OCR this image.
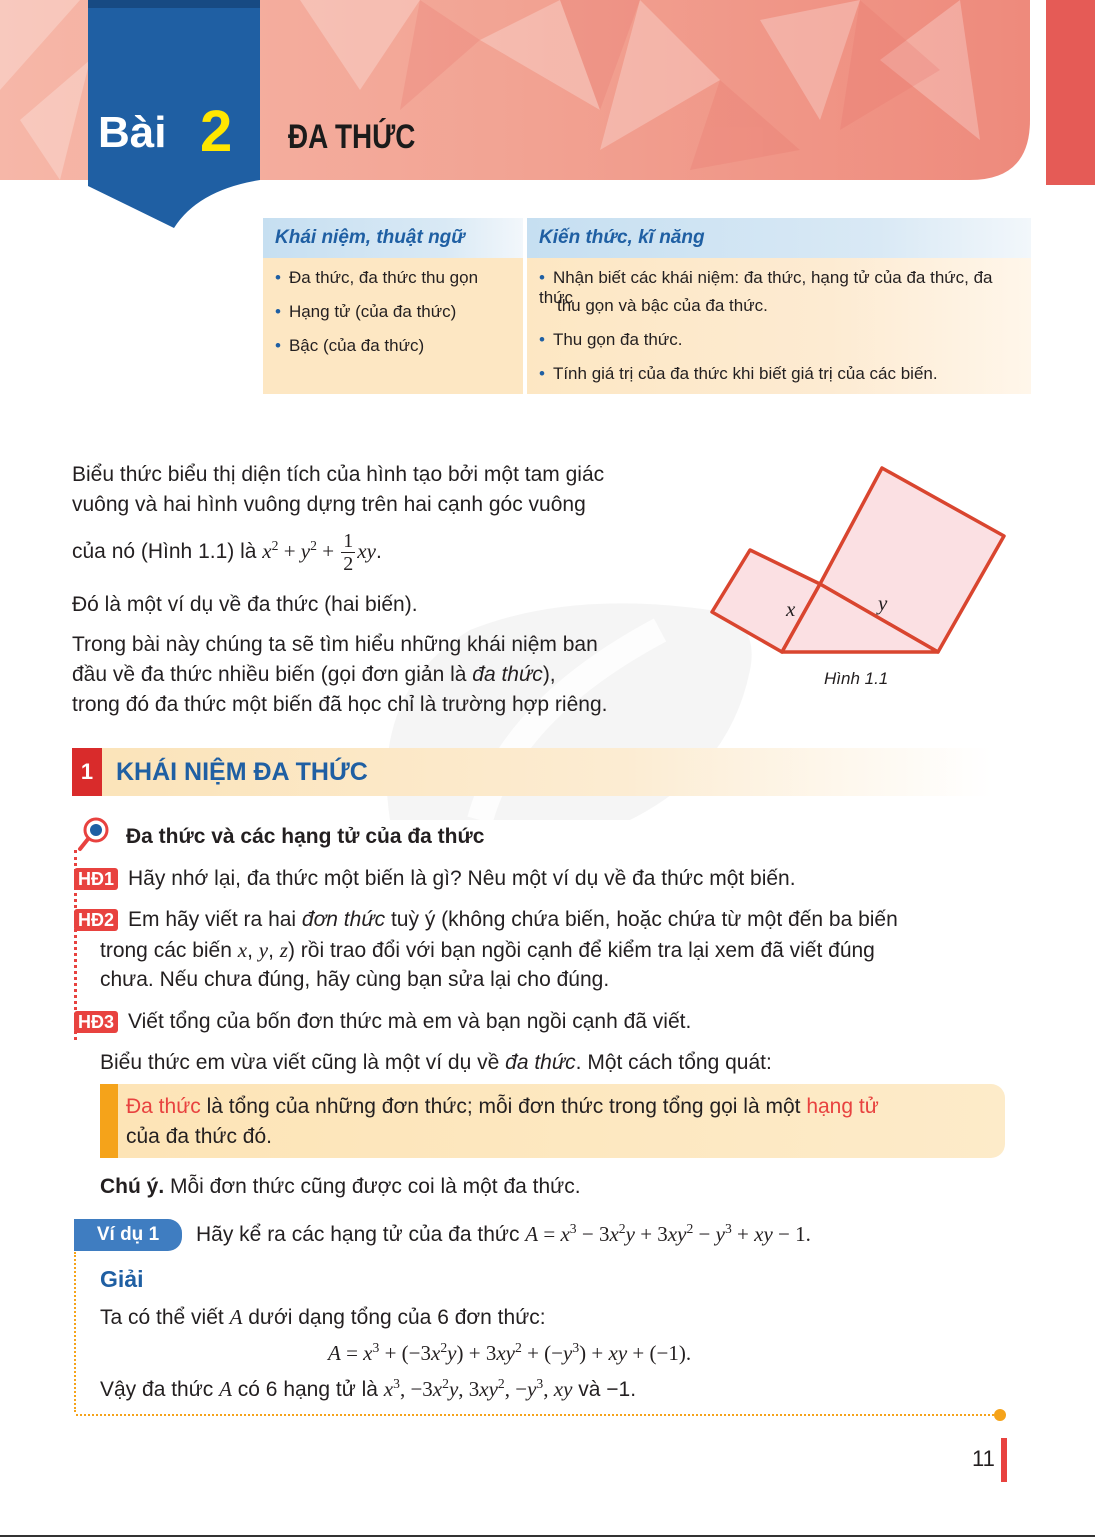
Bài 2 ĐA THỨC
Khái niệm, thuật ngữ	Kiến thức, kĩ năng
• Đa thức, đa thức thu gọn
• Hạng tử (của đa thức)
• Bậc (của đa thức)
• Nhận biết các khái niệm: đa thức, hạng tử của đa thức, đa thức
thu gọn và bậc của đa thức.
• Thu gọn đa thức.
• Tính giá trị của đa thức khi biết giá trị của các biến.
Biểu thức biểu thị diện tích của hình tạo bởi một tam giác
vuông và hai hình vuông dựng trên hai cạnh góc vuông
của nó (Hình 1.1) là $x^2 + y^2 + \frac{1}{2}$ xy.
Đó là một ví dụ về đa thức (hai biến).
Trong bài này chúng ta sẽ tìm hiểu những khái niệm ban
đầu về đa thức nhiều biến (gọi đơn giản là đa thức),
trong đó đa thức một biến đã học chỉ là trường hợp riêng.
x	y
Hình 1.1
1 KHÁI NIỆM ĐA THỨC
Đa thức và các hạng tử của đa thức
HĐ1 Hãy nhớ lại, đa thức một biến là gì? Nêu một ví dụ về đa thức một biến.
HĐ2 Em hãy viết ra hai đơn thức tuỳ ý (không chứa biến, hoặc chứa từ một đến ba biến
trong các biến x, y, z) rồi trao đổi với bạn ngồi cạnh để kiểm tra lại xem đã viết đúng
chưa. Nếu chưa đúng, hãy cùng bạn sửa lại cho đúng.
HĐ3 Viết tổng của bốn đơn thức mà em và bạn ngồi cạnh đã viết.
Biểu thức em vừa viết cũng là một ví dụ về đa thức. Một cách tổng quát:
Đa thức là tổng của những đơn thức; mỗi đơn thức trong tổng gọi là một hạng tử
của đa thức đó.
Chú ý. Mỗi đơn thức cũng được coi là một đa thức.
Ví dụ 1	Hãy kể ra các hạng tử của đa thức $A = x^3 - 3x^2y + 3xy^2 - y^3$ + xy − 1.
Giải
Ta có thể viết A dưới dạng tổng của 6 đơn thức:
$A = x^3 + (-3x^2y) + 3xy^2 + (-y^3)$ + xy + (−1).
Vậy đa thức A có 6 hạng tử là $x^3$, $-3x^2y$, $3xy^2$, $-y^3$, xy và −1.
11
